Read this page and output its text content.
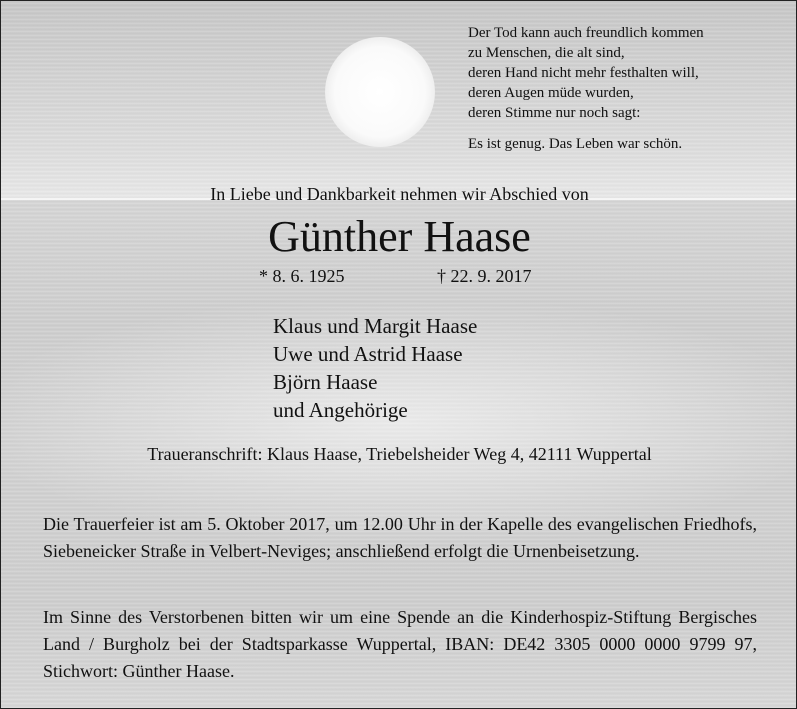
Der Tod kann auch freundlich kommen
zu Menschen, die alt sind,
deren Hand nicht mehr festhalten will,
deren Augen müde wurden,
deren Stimme nur noch sagt:
Es ist genug. Das Leben war schön.
In Liebe und Dankbarkeit nehmen wir Abschied von
Günther Haase
* 8. 6. 1925	† 22. 9. 2017
Klaus und Margit Haase
Uwe und Astrid Haase
Björn Haase
und Angehörige
Traueranschrift: Klaus Haase, Triebelsheider Weg 4, 42111 Wuppertal
Die Trauerfeier ist am 5. Oktober 2017, um 12.00 Uhr in der Kapelle des evangelischen Friedhofs, Siebeneicker Straße in Velbert-Neviges; anschließend erfolgt die Urnenbeisetzung.
Im Sinne des Verstorbenen bitten wir um eine Spende an die Kinderhospiz-Stiftung Bergisches Land / Burgholz bei der Stadtsparkasse Wuppertal, IBAN: DE42 3305 0000 0000 9799 97, Stichwort: Günther Haase.
